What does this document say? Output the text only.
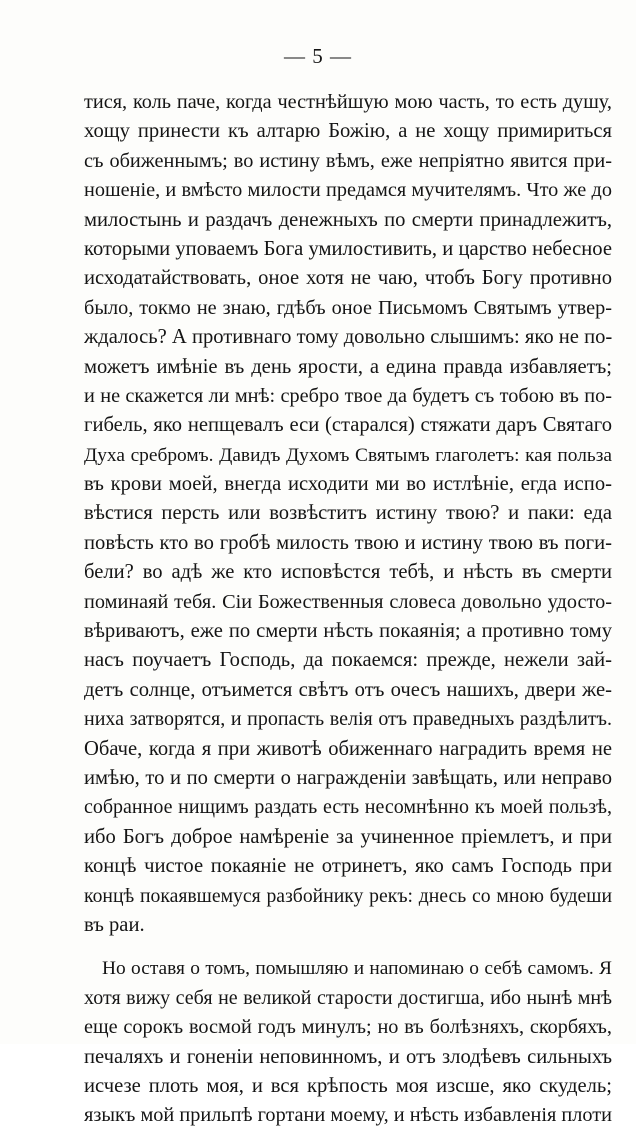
— 5 —
тися, коль паче, когда честнѣйшую мою часть, то есть душу,
хощу принести къ алтарю Божію, а не хощу примириться
съ обиженнымъ; во истину вѣмъ, еже непріятно явится при-
ношеніе, и вмѣсто милости предамся мучителямъ. Что же до
милостынь и раздачъ денежныхъ по смерти принадлежитъ,
которыми уповаемъ Бога умилостивить, и царство небесное
исходатайствовать, оное хотя не чаю, чтобъ Богу противно
было, токмо не знаю, гдѣбъ оное Письмомъ Святымъ утвер-
ждалось? А противнаго тому довольно слышимъ: яко не по-
можетъ имѣніе въ день ярости, а едина правда избавляетъ;
и не скажется ли мнѣ: сребро твое да будетъ съ тобою въ по-
гибель, яко непщевалъ еси (старался) стяжати даръ Святаго
Духа сребромъ. Давидъ Духомъ Святымъ глаголетъ: кая польза
въ крови моей, внегда исходити ми во истлѣніе, егда испо-
вѣстися персть или возвѣститъ истину твою? и паки: еда
повѣсть кто во гробѣ милость твою и истину твою въ поги-
бели? во адѣ же кто исповѣстся тебѣ, и нѣсть въ смерти
поминаяй тебя. Сіи Божественныя словеса довольно удосто-
вѣриваютъ, еже по смерти нѣсть покаянія; а противно тому
насъ поучаетъ Господь, да покаемся: прежде, нежели зай-
детъ солнце, отъимется свѣтъ отъ очесъ нашихъ, двери же-
ниха затворятся, и пропасть велія отъ праведныхъ раздѣлитъ.
Обаче, когда я при животѣ обиженнаго наградить время не
имѣю, то и по смерти о награжденіи завѣщать, или неправо
собранное нищимъ раздать есть несомнѣнно къ моей пользѣ,
ибо Богъ доброе намѣреніе за учиненное пріемлетъ, и при
концѣ чистое покаяніе не отринетъ, яко самъ Господь при
концѣ покаявшемуся разбойнику рекъ: днесь со мною будеши
въ раи.
Но оставя о томъ, помышляю и напоминаю о себѣ самомъ. Я
хотя вижу себя не великой старости достигша, ибо нынѣ мнѣ
еще сорокъ восмой годъ минулъ; но въ болѣзняхъ, скорбяхъ,
печаляхъ и гоненіи неповинномъ, и отъ злодѣевъ сильныхъ
исчезе плоть моя, и вся крѣпость моя изсше, яко скудель;
языкъ мой прильпѣ гортани моему, и нѣсть избавленія плоти
